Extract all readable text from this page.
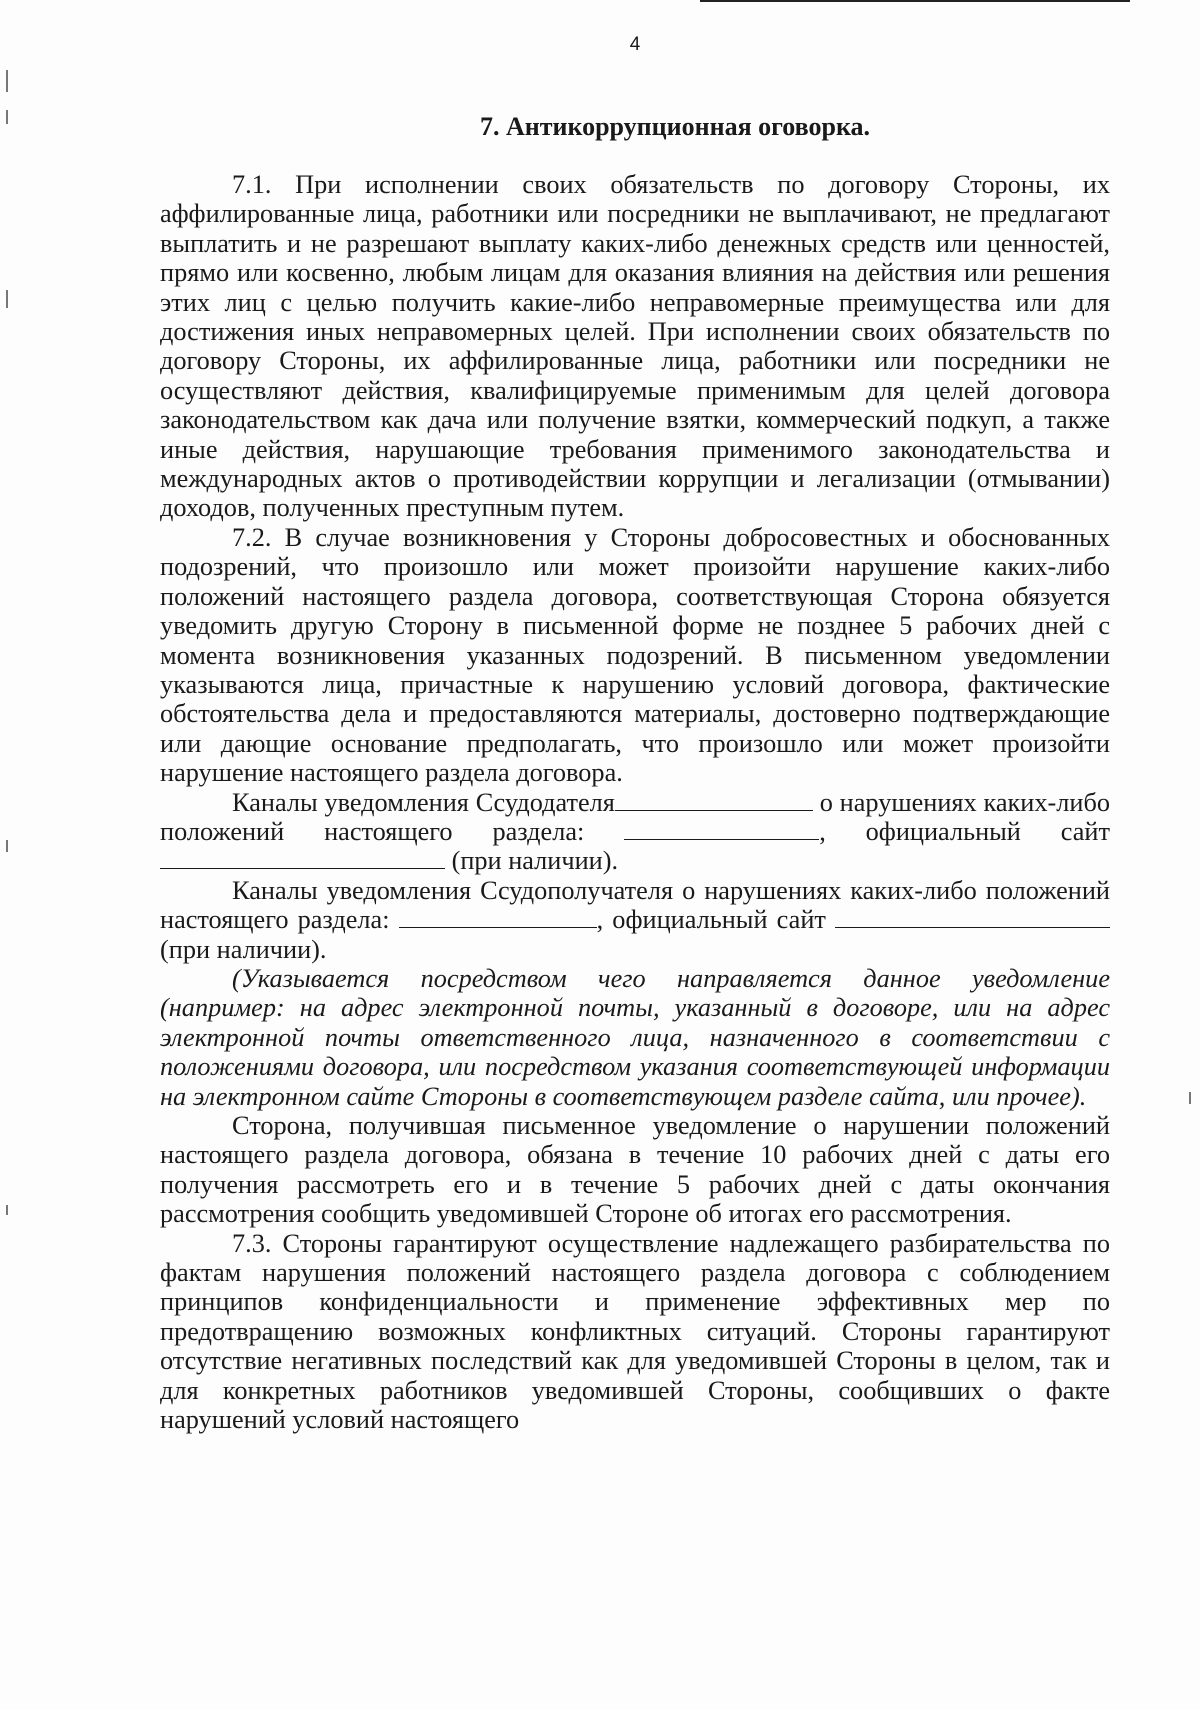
4
7. Антикоррупционная оговорка.

7.1. При исполнении своих обязательств по договору Стороны, их аффилированные лица, работники или посредники не выплачивают, не предлагают выплатить и не разрешают выплату каких-либо денежных средств или ценностей, прямо или косвенно, любым лицам для оказания влияния на действия или решения этих лиц с целью получить какие-либо неправомерные преимущества или для достижения иных неправомерных целей. При исполнении своих обязательств по договору Стороны, их аффилированные лица, работники или посредники не осуществляют действия, квалифицируемые применимым для целей договора законодательством как дача или получение взятки, коммерческий подкуп, а также иные действия, нарушающие требования применимого законодательства и международных актов о противодействии коррупции и легализации (отмывании) доходов, полученных преступным путем.

7.2. В случае возникновения у Стороны добросовестных и обоснованных подозрений, что произошло или может произойти нарушение каких-либо положений настоящего раздела договора, соответствующая Сторона обязуется уведомить другую Сторону в письменной форме не позднее 5 рабочих дней с момента возникновения указанных подозрений. В письменном уведомлении указываются лица, причастные к нарушению условий договора, фактические обстоятельства дела и предоставляются материалы, достоверно подтверждающие или дающие основание предполагать, что произошло или может произойти нарушение настоящего раздела договора.

Каналы уведомления Ссудодателя	о нарушениях каких-либо положений настоящего раздела:	, официальный сайт  (при наличии).

Каналы уведомления Ссудополучателя о нарушениях каких-либо положений настоящего раздела:	, официальный сайт (при наличии).

(Указывается посредством чего направляется данное уведомление (например: на адрес электронной почты, указанный в договоре, или на адрес электронной почты ответственного лица, назначенного в соответствии с положениями договора, или посредством указания соответствующей информации на электронном сайте Стороны в соответствующем разделе сайта, или прочее).

Сторона, получившая письменное уведомление о нарушении положений настоящего раздела договора, обязана в течение 10 рабочих дней с даты его получения рассмотреть его и в течение 5 рабочих дней с даты окончания рассмотрения сообщить уведомившей Стороне об итогах его рассмотрения.

7.3. Стороны гарантируют осуществление надлежащего разбирательства по фактам нарушения положений настоящего раздела договора с соблюдением принципов конфиденциальности и применение эффективных мер по предотвращению возможных конфликтных ситуаций. Стороны гарантируют отсутствие негативных последствий как для уведомившей Стороны в целом, так и для конкретных работников уведомившей Стороны, сообщивших о факте нарушений условий настоящего
